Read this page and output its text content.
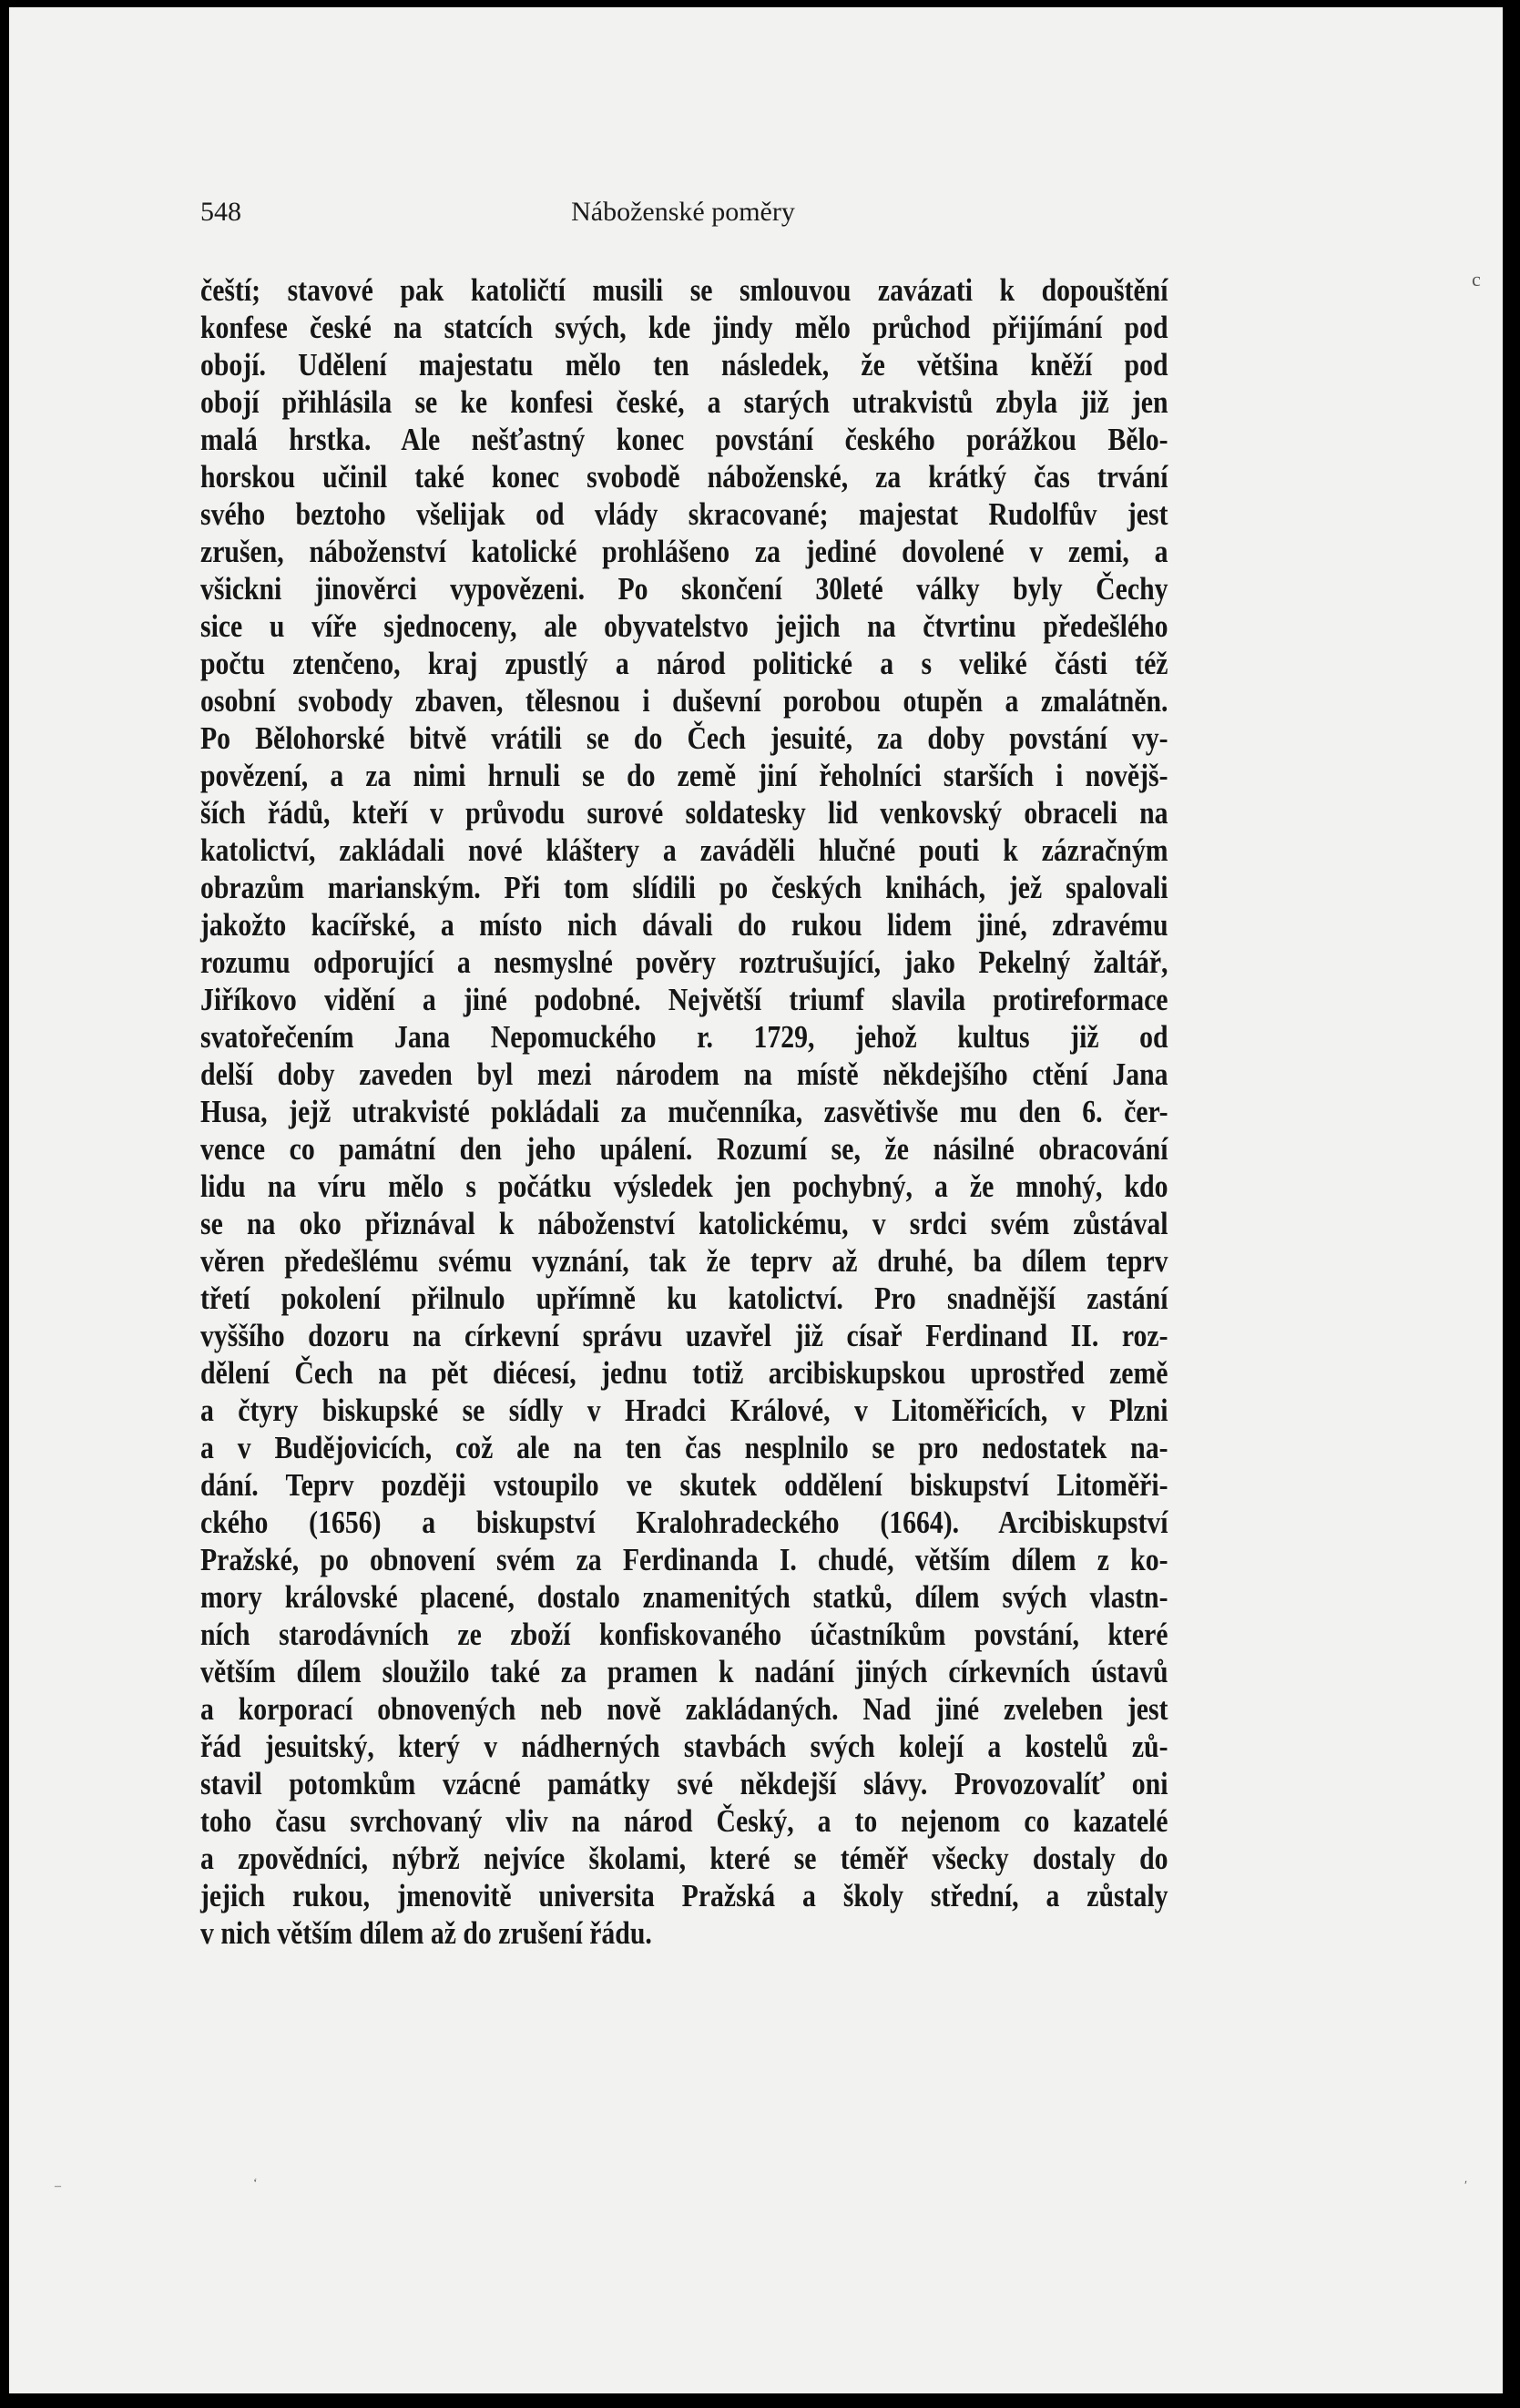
548	Náboženské poměry
čeští; stavové pak katoličtí musili se smlouvou zavázati k dopouštění
konfese české na statcích svých, kde jindy mělo průchod přijímání pod
obojí. Udělení majestatu mělo ten následek, že většina kněží pod
obojí přihlásila se ke konfesi české, a starých utrakvistů zbyla již jen
malá hrstka. Ale nešťastný konec povstání českého porážkou Bělo-
horskou učinil také konec svobodě náboženské, za krátký čas trvání
svého beztoho všelijak od vlády skracované; majestat Rudolfův jest
zrušen, náboženství katolické prohlášeno za jediné dovolené v zemi, a
všickni jinověrci vypovězeni. Po skončení 30leté války byly Čechy
sice u víře sjednoceny, ale obyvatelstvo jejich na čtvrtinu předešlého
počtu ztenčeno, kraj zpustlý a národ politické a s veliké části též
osobní svobody zbaven, tělesnou i duševní porobou otupěn a zmalátněn.
Po Bělohorské bitvě vrátili se do Čech jesuité, za doby povstání vy-
povězení, a za nimi hrnuli se do země jiní řeholníci starších i novějš-
ších řádů, kteří v průvodu surové soldatesky lid venkovský obraceli na
katolictví, zakládali nové kláštery a zaváděli hlučné pouti k zázračným
obrazům marianským. Při tom slídili po českých knihách, jež spalovali
jakožto kacířské, a místo nich dávali do rukou lidem jiné, zdravému
rozumu odporující a nesmyslné pověry roztrušující, jako Pekelný žaltář,
Jiříkovo vidění a jiné podobné. Největší triumf slavila protireformace
svatořečením Jana Nepomuckého r. 1729, jehož kultus již od
delší doby zaveden byl mezi národem na místě někdejšího ctění Jana
Husa, jejž utrakvisté pokládali za mučenníka, zasvětivše mu den 6. čer-
vence co památní den jeho upálení. Rozumí se, že násilné obracování
lidu na víru mělo s počátku výsledek jen pochybný, a že mnohý, kdo
se na oko přiznával k náboženství katolickému, v srdci svém zůstával
věren předešlému svému vyznání, tak že teprv až druhé, ba dílem teprv
třetí pokolení přilnulo upřímně ku katolictví. Pro snadnější zastání
vyššího dozoru na církevní správu uzavřel již císař Ferdinand II. roz-
dělení Čech na pět diécesí, jednu totiž arcibiskupskou uprostřed země
a čtyry biskupské se sídly v Hradci Králové, v Litoměřicích, v Plzni
a v Budějovicích, což ale na ten čas nesplnilo se pro nedostatek na-
dání. Teprv později vstoupilo ve skutek oddělení biskupství Litoměři-
ckého (1656) a biskupství Kralohradeckého (1664). Arcibiskupství
Pražské, po obnovení svém za Ferdinanda I. chudé, větším dílem z ko-
mory královské placené, dostalo znamenitých statků, dílem svých vlastn-
ních starodávních ze zboží konfiskovaného účastníkům povstání, které
větším dílem sloužilo také za pramen k nadání jiných církevních ústavů
a korporací obnovených neb nově zakládaných. Nad jiné zveleben jest
řád jesuitský, který v nádherných stavbách svých kolejí a kostelů zů-
stavil potomkům vzácné památky své někdejší slávy. Provozovalíť oni
toho času svrchovaný vliv na národ Český, a to nejenom co kazatelé
a zpovědníci, nýbrž nejvíce školami, které se téměř všecky dostaly do
jejich rukou, jmenovitě universita Pražská a školy střední, a zůstaly
v nich větším dílem až do zrušení řádu.
c
ʹ
–	ʻ
